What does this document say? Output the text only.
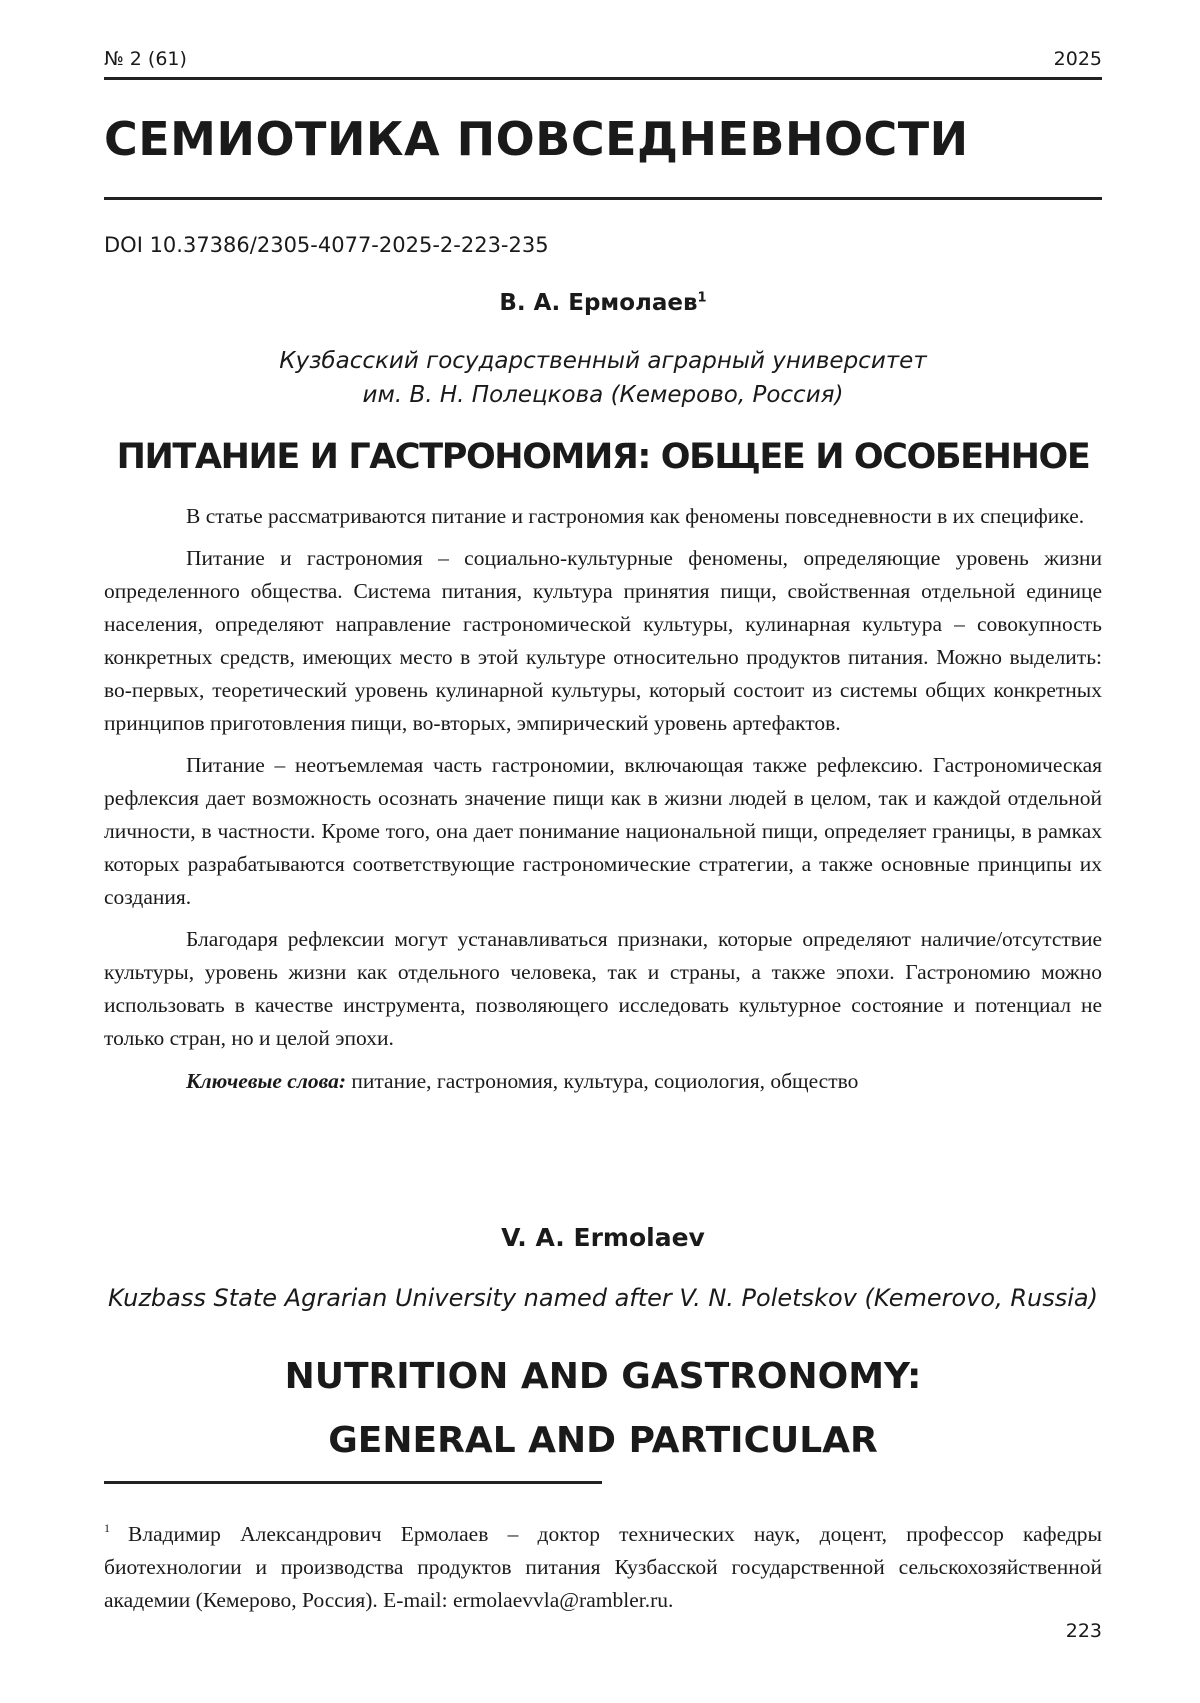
№ 2 (61)	2025
СЕМИОТИКА ПОВСЕДНЕВНОСТИ
DOI 10.37386/2305-4077-2025-2-223-235
В. А. Ермолаев$^1$
Кузбасский государственный аграрный университет
им. В. Н. Полецкова (Кемерово, Россия)
ПИТАНИЕ И ГАСТРОНОМИЯ: ОБЩЕЕ И ОСОБЕННОЕ

В статье рассматриваются питание и гастрономия как феномены повседневности в их специфике.

Питание и гастрономия – социально-культурные феномены, определяющие уровень жизни определенного общества. Система питания, культура принятия пищи, свойственная отдельной единице населения, определяют направление гастрономической культуры, кулинарная культура – совокупность конкретных средств, имеющих место в этой культуре относительно продуктов питания. Можно выделить: во-первых, теоретический уровень кулинарной культуры, который состоит из системы общих конкретных принципов приготовления пищи, во-вторых, эмпирический уровень артефактов.

Питание – неотъемлемая часть гастрономии, включающая также рефлексию. Гастрономическая рефлексия дает возможность осознать значение пищи как в жизни людей в целом, так и каждой отдельной личности, в частности. Кроме того, она дает понимание национальной пищи, определяет границы, в рамках которых разрабатываются соответствующие гастрономические стратегии, а также основные принципы их создания.

Благодаря рефлексии могут устанавливаться признаки, которые определяют наличие/отсутствие культуры, уровень жизни как отдельного человека, так и страны, а также эпохи. Гастрономию можно использовать в качестве инструмента, позволяющего исследовать культурное состояние и потенциал не только стран, но и целой эпохи.

Ключевые слова: питание, гастрономия, культура, социология, общество

V. A. Ermolaev
Kuzbass State Agrarian University named after V. N. Poletskov (Kemerovo, Russia)
NUTRITION AND GASTRONOMY:
GENERAL AND PARTICULAR
$^1$ Владимир Александрович Ермолаев – доктор технических наук, доцент, профессор кафедры биотехнологии и производства продуктов питания Кузбасской государственной сельскохозяйственной академии (Кемерово, Россия). E-mail: ermolaevvla@rambler.ru.
223
